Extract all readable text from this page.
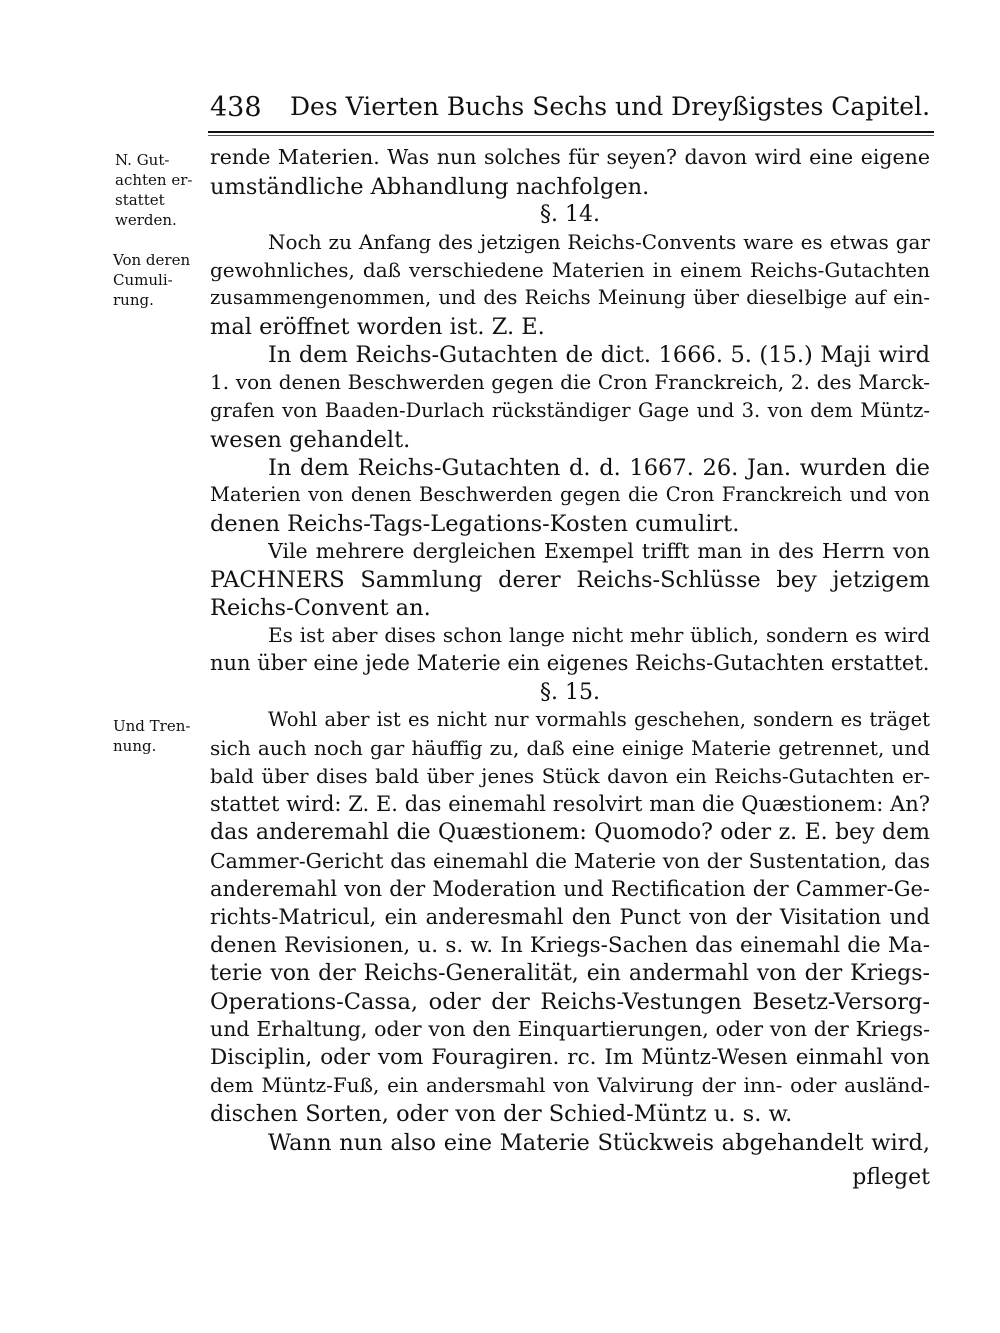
438 Des Vierten Buchs Sechs und Dreyßigstes Capitel.
N. Gut-
achten er-
stattet
werden.
Von deren
Cumuli-
rung.
Und Tren-
nung.
rende Materien. Was nun solches für seyen? davon wird eine eigene
umständliche Abhandlung nachfolgen.
§. 14.
Noch zu Anfang des jetzigen Reichs-Convents ware es etwas gar
gewohnliches, daß verschiedene Materien in einem Reichs-Gutachten
zusammengenommen, und des Reichs Meinung über dieselbige auf ein-
mal eröffnet worden ist. Z. E.
In dem Reichs-Gutachten de dict. 1666. 5. (15.) Maji wird
1. von denen Beschwerden gegen die Cron Franckreich, 2. des Marck-
grafen von Baaden-Durlach rückständiger Gage und 3. von dem Müntz-
wesen gehandelt.
In dem Reichs-Gutachten d. d. 1667. 26. Jan. wurden die
Materien von denen Beschwerden gegen die Cron Franckreich und von
denen Reichs-Tags-Legations-Kosten cumulirt.
Vile mehrere dergleichen Exempel trifft man in des Herrn von
PACHNERS Sammlung derer Reichs-Schlüsse bey jetzigem
Reichs-Convent an.
Es ist aber dises schon lange nicht mehr üblich, sondern es wird
nun über eine jede Materie ein eigenes Reichs-Gutachten erstattet.
§. 15.
Wohl aber ist es nicht nur vormahls geschehen, sondern es träget
sich auch noch gar häuffig zu, daß eine einige Materie getrennet, und
bald über dises bald über jenes Stück davon ein Reichs-Gutachten er-
stattet wird: Z. E. das einemahl resolvirt man die Quæstionem: An?
das anderemahl die Quæstionem: Quomodo? oder z. E. bey dem
Cammer-Gericht das einemahl die Materie von der Sustentation, das
anderemahl von der Moderation und Rectification der Cammer-Ge-
richts-Matricul, ein anderesmahl den Punct von der Visitation und
denen Revisionen, u. s. w. In Kriegs-Sachen das einemahl die Ma-
terie von der Reichs-Generalität, ein andermahl von der Kriegs-
Operations-Cassa, oder der Reichs-Vestungen Besetz-Versorg-
und Erhaltung, oder von den Einquartierungen, oder von der Kriegs-
Disciplin, oder vom Fouragiren. rc. Im Müntz-Wesen einmahl von
dem Müntz-Fuß, ein andersmahl von Valvirung der inn- oder ausländ-
dischen Sorten, oder von der Schied-Müntz u. s. w.
Wann nun also eine Materie Stückweis abgehandelt wird,
pfleget
